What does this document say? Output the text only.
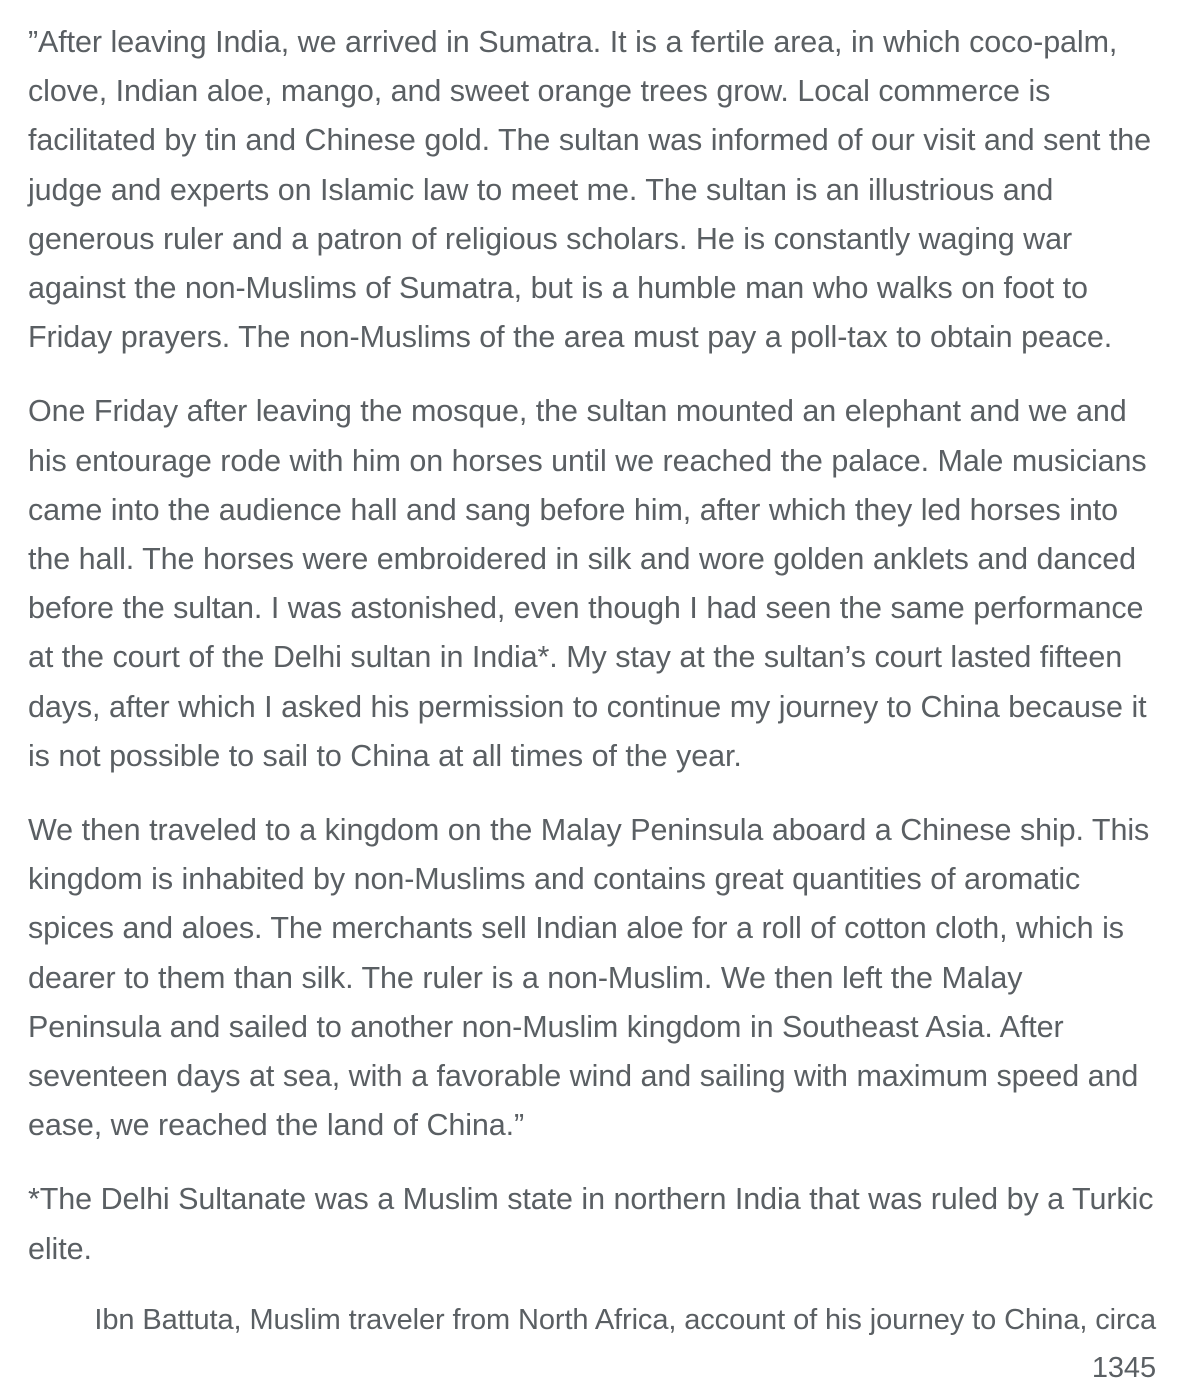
”After leaving India, we arrived in Sumatra. It is a fertile area, in which coco-palm, clove, Indian aloe, mango, and sweet orange trees grow. Local commerce is facilitated by tin and Chinese gold. The sultan was informed of our visit and sent the judge and experts on Islamic law to meet me. The sultan is an illustrious and generous ruler and a patron of religious scholars. He is constantly waging war against the non-Muslims of Sumatra, but is a humble man who walks on foot to Friday prayers. The non-Muslims of the area must pay a poll-tax to obtain peace.

One Friday after leaving the mosque, the sultan mounted an elephant and we and his entourage rode with him on horses until we reached the palace. Male musicians came into the audience hall and sang before him, after which they led horses into the hall. The horses were embroidered in silk and wore golden anklets and danced before the sultan. I was astonished, even though I had seen the same performance at the court of the Delhi sultan in India*. My stay at the sultan’s court lasted fifteen days, after which I asked his permission to continue my journey to China because it is not possible to sail to China at all times of the year.

We then traveled to a kingdom on the Malay Peninsula aboard a Chinese ship. This kingdom is inhabited by non-Muslims and contains great quantities of aromatic spices and aloes. The merchants sell Indian aloe for a roll of cotton cloth, which is dearer to them than silk. The ruler is a non-Muslim. We then left the Malay Peninsula and sailed to another non-Muslim kingdom in Southeast Asia. After seventeen days at sea, with a favorable wind and sailing with maximum speed and ease, we reached the land of China.”

*The Delhi Sultanate was a Muslim state in northern India that was ruled by a Turkic elite.

Ibn Battuta, Muslim traveler from North Africa, account of his journey to China, circa 1345
